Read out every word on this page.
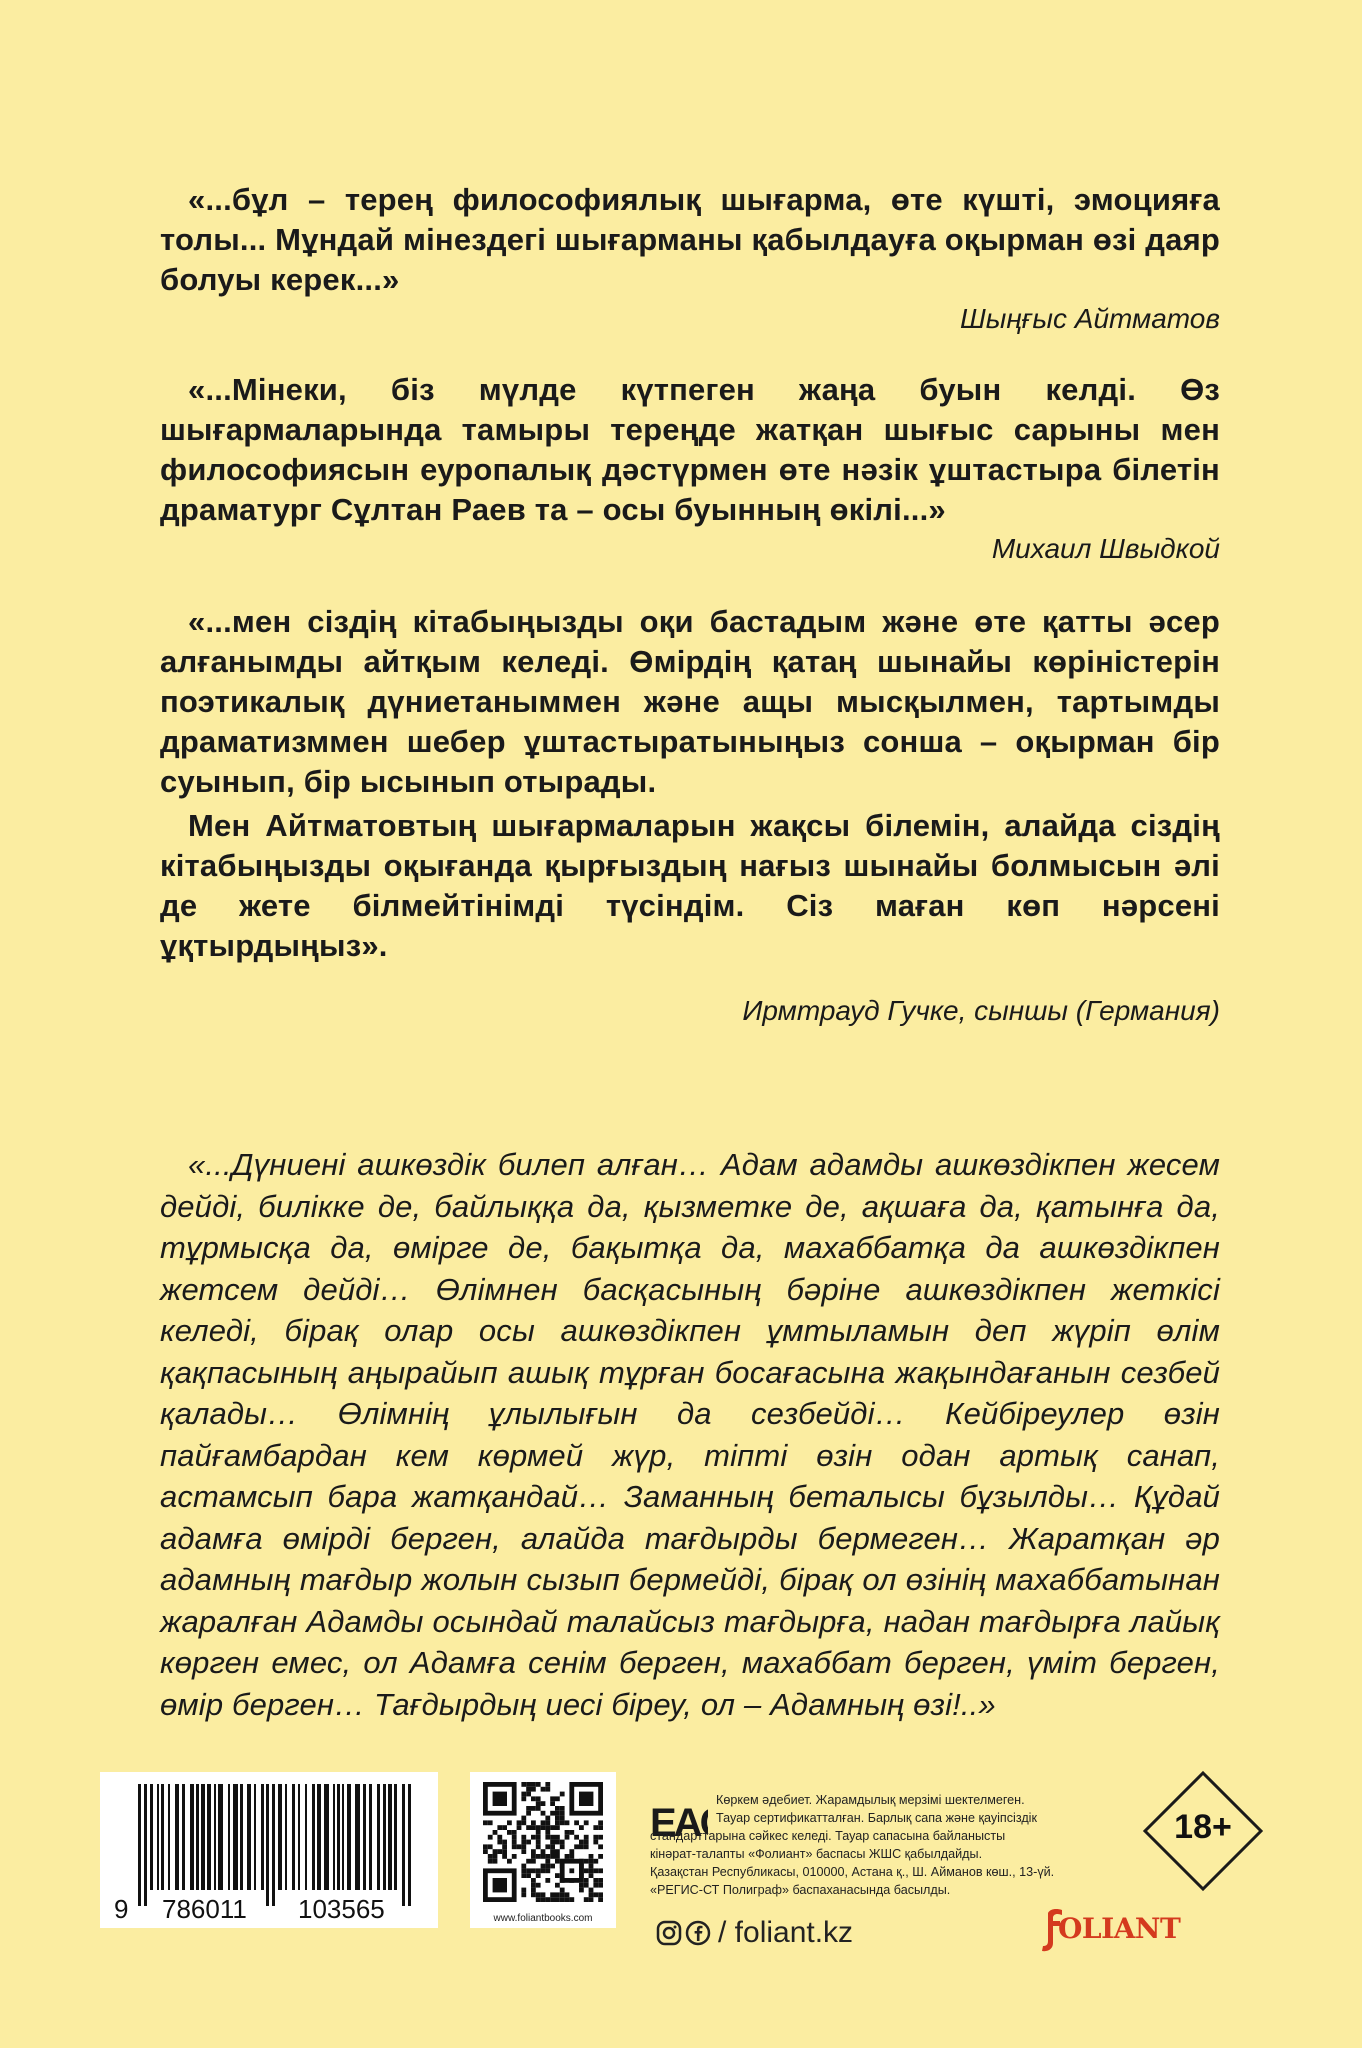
«...бұл – терең философиялық шығарма, өте күшті, эмоцияға толы... Мұндай мінездегі шығарманы қабылдауға оқырман өзі даяр болуы керек...»

Шыңғыс Айтматов

«...Мінеки, біз мүлде күтпеген жаңа буын келді. Өз шығармаларында тамыры тереңде жатқан шығыс сарыны мен философиясын еуропалық дәстүрмен өте нәзік ұштастыра білетін драматург Сұлтан Раев та – осы буынның өкілі...»

Михаил Швыдкой

«...мен сіздің кітабыңызды оқи бастадым және өте қатты әсер алғанымды айтқым келеді. Өмірдің қатаң шынайы көріністерін поэтикалық дүниетаныммен және ащы мысқылмен, тартымды драматизммен шебер ұштастыратыныңыз сонша – оқырман бір суынып, бір ысынып отырады.

Мен Айтматовтың шығармаларын жақсы білемін, алайда сіздің кітабыңызды оқығанда қырғыздың нағыз шынайы болмысын әлі де жете білмейтінімді түсіндім. Сіз маған көп нәрсені ұқтырдыңыз».

Ирмтрауд Гучке, сыншы (Германия)

«...Дүниені ашкөздік билеп алған… Адам адамды ашкөздікпен жесем дейді, билікке де, байлыққа да, қызметке де, ақшаға да, қатынға да, тұрмысқа да, өмірге де, бақытқа да, махаббатқа да ашкөздікпен жетсем дейді… Өлімнен басқасының бәріне ашкөздікпен жеткісі келеді, бірақ олар осы ашкөздікпен ұмтыламын деп жүріп өлім қақпасының аңырайып ашық тұрған босағасына жақындағанын сезбей қалады… Өлімнің ұлылығын да сезбейді… Кейбіреулер өзін пайғамбардан кем көрмей жүр, тіпті өзін одан артық санап, астамсып бара жатқандай… Заманның беталысы бұзылды… Құдай адамға өмірді берген, алайда тағдырды бермеген… Жаратқан әр адамның тағдыр жолын сызып бермейді, бірақ ол өзінің махаббатынан жаралған Адамды осындай талайсыз тағдырға, надан тағдырға лайық көрген емес, ол Адамға сенім берген, махаббат берген, үміт берген, өмір берген… Тағдырдың иесі біреу, ол – Адамның өзі!..»

9 786011 103565	www.foliantbooks.com
EA
Көркем әдебиет. Жарамдылық мерзімі шектелмеген.
Тауар сертификатталған. Барлық сапа және қауіпсіздік
стандарттарына сәйкес келеді. Тауар сапасына байланысты
кінәрат-талапты «Фолиант» баспасы ЖШС қабылдайды.
Қазақстан Республикасы, 010000, Астана қ., Ш. Айманов көш., 13-үй.
«РЕГИС-СТ Полиграф» баспаханасында басылды.
18+
/ foliant.kz	OLIANT
